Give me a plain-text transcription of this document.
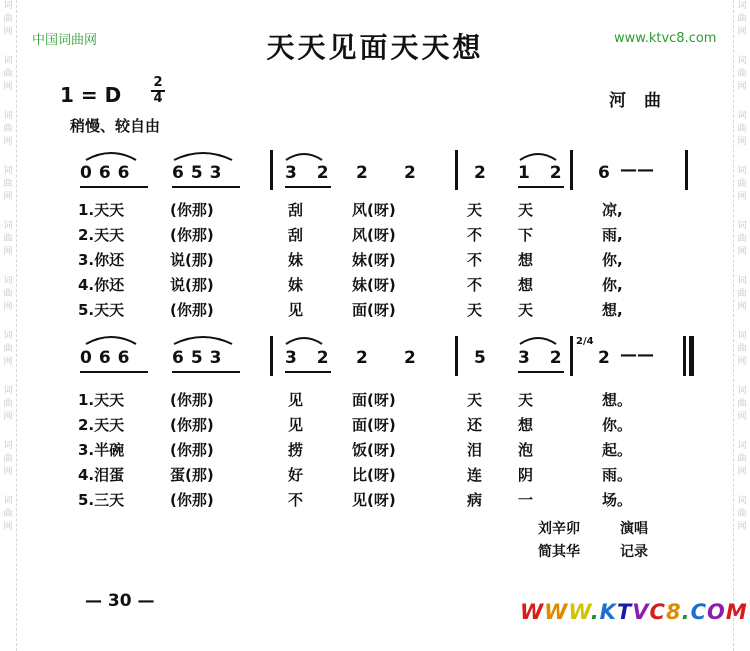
词
曲
网
词
曲
网
词
曲
网
词
曲
网
词
曲
网
词
曲
网
词
曲
网
词
曲
网
词
曲
网
词
曲
网
词
曲
网
词
曲
网
词
曲
网
词
曲
网
词
曲
网
词
曲
网
词
曲
网
词
曲
网
词
曲
网
词
曲
网
中国词曲网	天天见面天天想	www.ktvc8.com
1 = D $\frac{2}{4}$	河曲
稍慢、较自由
066 653	3 2 2 2	2 1 2 6 ——
1.天天	(你那)	刮	风(呀)	天 天	凉,
2.天天	(你那)	刮	风(呀)	不 下	雨,
3.你还	说(那)	妹	妹(呀)	不 想	你,
4.你还	说(那)	妹	妹(呀)	不 想	你,
5.天天	(你那)	见	面(呀)	天 天	想,
066 653	3 2 2 2	5 3 2
2/4
2 ——
1.天天	(你那)	见	面(呀)	天 天	想。
2.天天	(你那)	见	面(呀)	还 想	你。
3.半碗	(你那)	捞	饭(呀)	泪 泡	起。
4.泪蛋	蛋(那)	好	比(呀)	连 阴	雨。
5.三天	(你那)	不	见(呀)	病 一	场。
刘辛卯	演唱
简其华	记录
— 30 —	WWW.KTVC8.COM
